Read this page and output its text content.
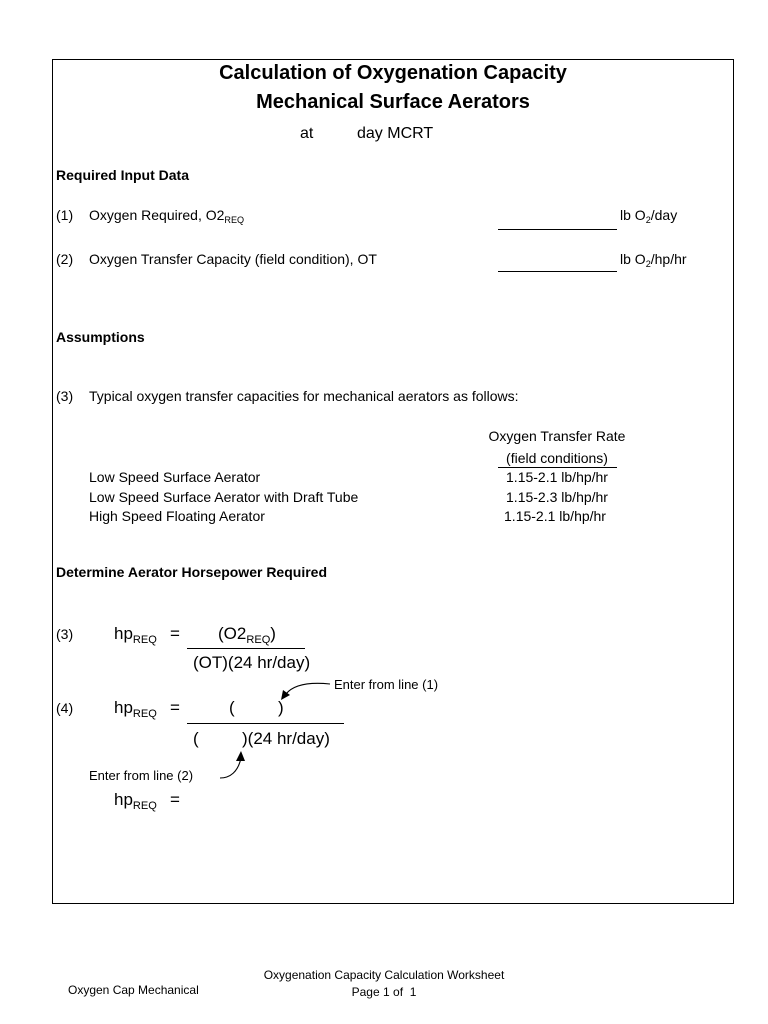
Calculation of Oxygenation Capacity
Mechanical Surface Aerators
at	day MCRT
Required Input Data
(1) Oxygen Required, $O2_{REQ}$	lb $O_2$/day
(2) Oxygen Transfer Capacity (field condition), OT	lb $O_2/hp/hr$
Assumptions
(3) Typical oxygen transfer capacities for mechanical aerators as follows:
Oxygen Transfer Rate
(field conditions)
Low Speed Surface Aerator	1.15-2.1 lb/hp/hr
Low Speed Surface Aerator with Draft Tube	1.15-2.3 lb/hp/hr
High Speed Floating Aerator	1.15-2.1 lb/hp/hr
Determine Aerator Horsepower Required
(3) $hp_{REQ} = (O2_{REQ})$
(OT)(24 hr/day)
Enter from line (1)
(4) $hp_{REQ}$ =	(	)
(	)(24 hr/day)
Enter from line (2)
$hp_{REQ}$ =
Oxygen Cap Mechanical
Oxygenation Capacity Calculation Worksheet
Page 1 of 1
